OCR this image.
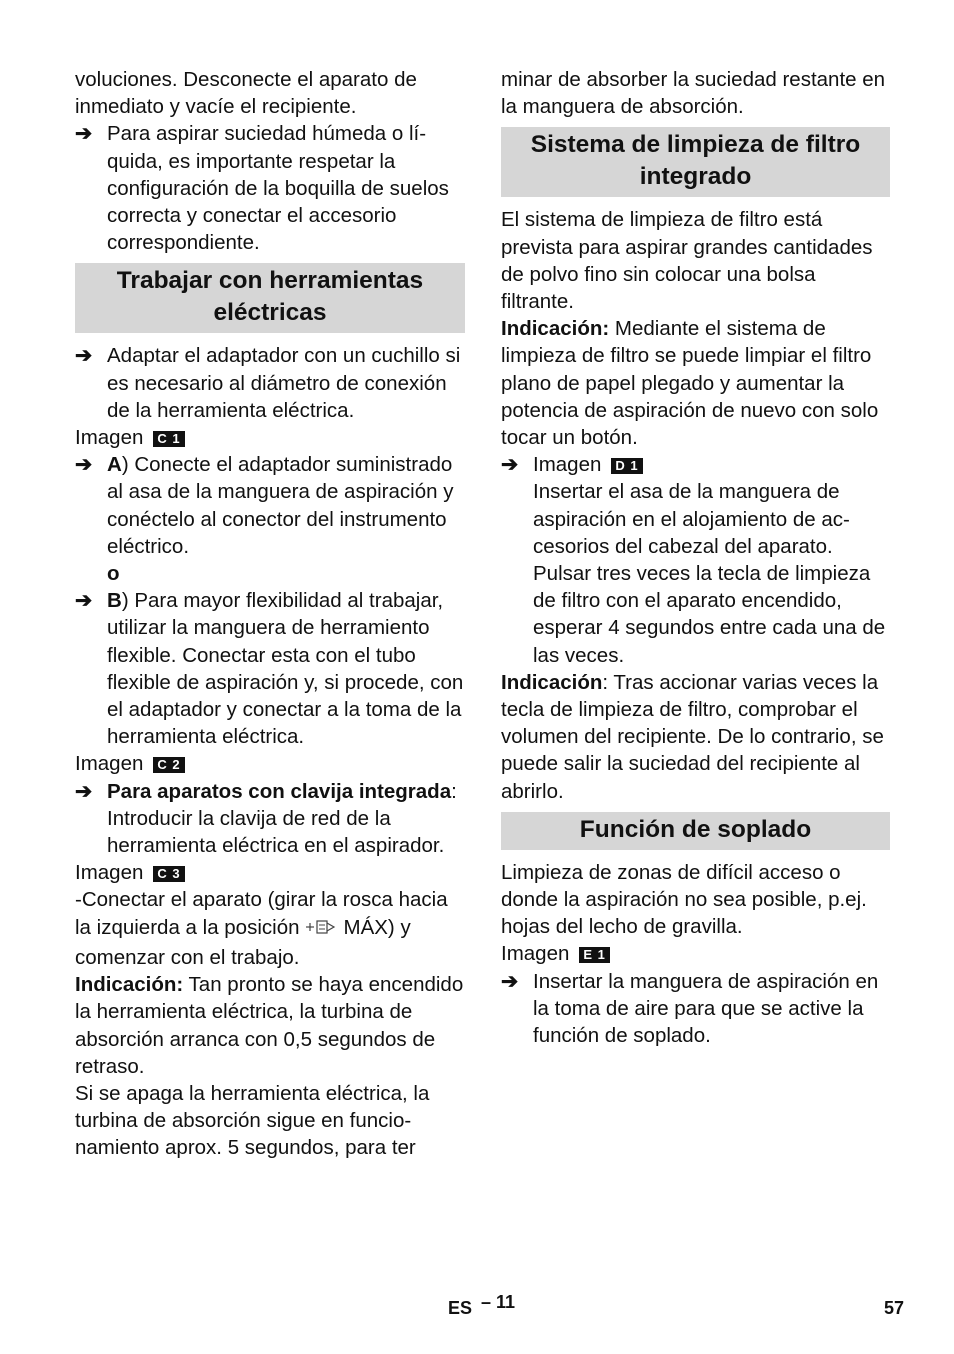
voluciones. Desconecte el aparato de inmediato y vacíe el recipiente.

➔ Para aspirar suciedad húmeda o líquida, es importante respetar la configuración de la boquilla de suelos correcta y conectar el accesorio correspondiente.
Trabajar con herramientas eléctricas
➔ Adaptar el adaptador con un cuchillo si es necesario al diámetro de conexión de la herramienta eléctrica.

Imagen C 1

➔ A) Conecte el adaptador suministrado al asa de la manguera de aspiración y conéctelo al conector del instrumento eléctrico.

o

➔ B) Para mayor flexibilidad al trabajar, utilizar la manguera de herramiento flexible. Conectar esta con el tubo flexible de aspiración y, si procede, con el adaptador y conectar a la toma de la herramienta eléctrica.

Imagen C 2

➔ Para aparatos con clavija integrada: Introducir la clavija de red de la herramienta eléctrica en el aspirador.

Imagen C 3

-Conectar el aparato (girar la rosca hacia la izquierda a la posición MÁX) y comenzar con el trabajo.

Indicación: Tan pronto se haya encendido la herramienta eléctrica, la turbina de absorción arranca con 0,5 segundos de retraso.

Si se apaga la herramienta eléctrica, la turbina de absorción sigue en funcionamiento aprox. 5 segundos, para ter

minar de absorber la suciedad restante en la manguera de absorción.

Sistema de limpieza de filtro integrado

El sistema de limpieza de filtro está prevista para aspirar grandes cantidades de polvo fino sin colocar una bolsa filtrante.

Indicación: Mediante el sistema de limpieza de filtro se puede limpiar el filtro plano de papel plegado y aumentar la potencia de aspiración de nuevo con solo tocar un botón.

➔ Imagen D 1
Insertar el asa de la manguera de aspiración en el alojamiento de accesorios del cabezal del aparato. Pulsar tres veces la tecla de limpieza de filtro con el aparato encendido, esperar 4 segundos entre cada una de las veces.

Indicación: Tras accionar varias veces la tecla de limpieza de filtro, comprobar el volumen del recipiente. De lo contrario, se puede salir la suciedad del recipiente al abrirlo.

Función de soplado

Limpieza de zonas de difícil acceso o donde la aspiración no sea posible, p.ej. hojas del lecho de gravilla.

Imagen E 1

➔ Insertar la manguera de aspiración en la toma de aire para que se active la función de soplado.
ES – 11	57
